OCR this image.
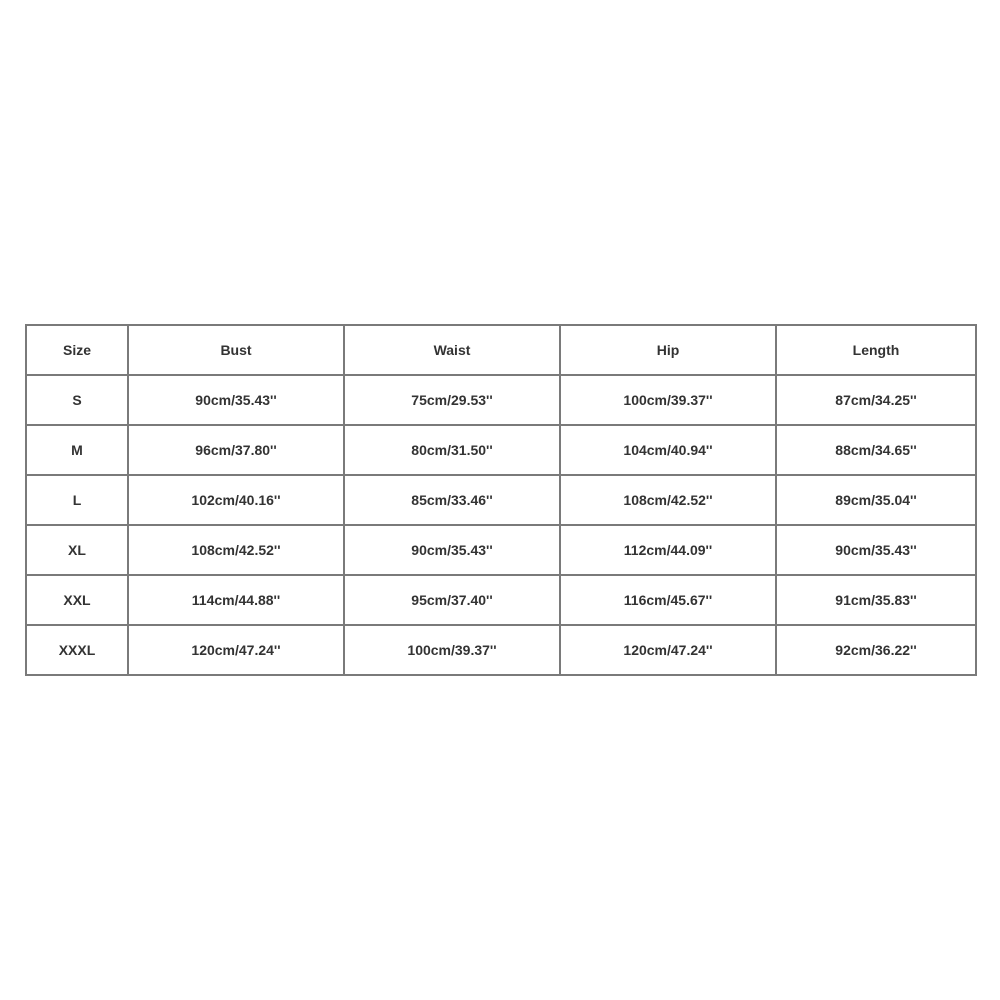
Size	Bust	Waist	Hip	Length
S	90cm/35.43''	75cm/29.53''	100cm/39.37''	87cm/34.25''
M	96cm/37.80''	80cm/31.50''	104cm/40.94''	88cm/34.65''
L	102cm/40.16''	85cm/33.46''	108cm/42.52''	89cm/35.04''
XL	108cm/42.52''	90cm/35.43''	112cm/44.09''	90cm/35.43''
XXL	114cm/44.88''	95cm/37.40''	116cm/45.67''	91cm/35.83''
XXXL	120cm/47.24''	100cm/39.37''	120cm/47.24''	92cm/36.22''
